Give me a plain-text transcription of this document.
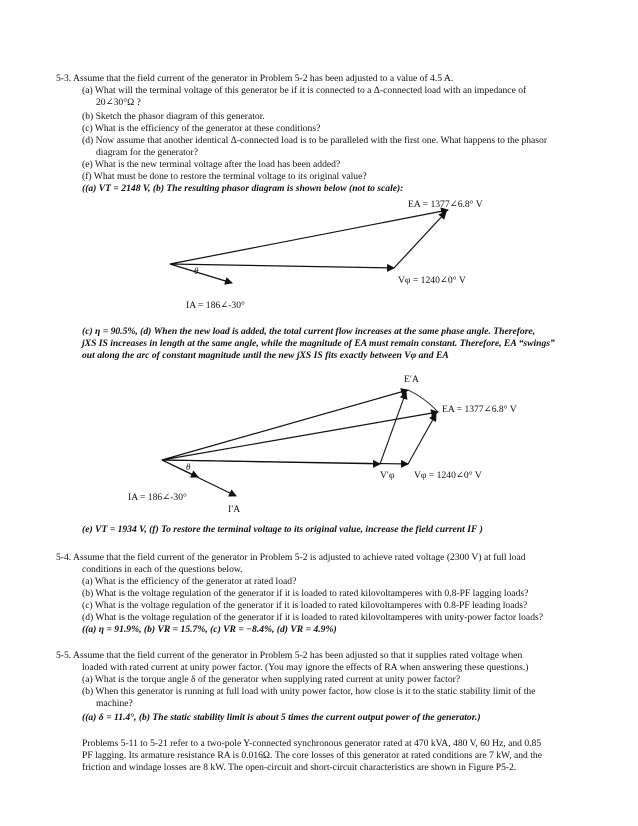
5-3. Assume that the field current of the generator in Problem 5-2 has been adjusted to a value of 4.5 A.
(a) What will the terminal voltage of this generator be if it is connected to a Δ-connected load with an impedance of
20∠30°Ω ?
(b) Sketch the phasor diagram of this generator.
(c) What is the efficiency of the generator at these conditions?
(d) Now assume that another identical Δ-connected load is to be paralleled with the first one. What happens to the phasor
diagram for the generator?
(e) What is the new terminal voltage after the load has been added?
(f) What must be done to restore the terminal voltage to its original value?
((a) VT = 2148 V, (b) The resulting phasor diagram is shown below (not to scale):
θ
EA = 1377∠6.8° V
Vφ = 1240∠0° V
IA = 186∠-30°
(c) η = 90.5%, (d) When the new load is added, the total current flow increases at the same phase angle. Therefore,
jXS IS increases in length at the same angle, while the magnitude of EA must remain constant. Therefore, EA “swings”
out along the arc of constant magnitude until the new jXS IS fits exactly between Vφ and EA
θ
E′A
EA = 1377∠6.8° V
V′φ Vφ = 1240∠0° V
IA = 186∠-30°
I′A
(e) VT = 1934 V, (f) To restore the terminal voltage to its original value, increase the field current IF )
5-4. Assume that the field current of the generator in Problem 5-2 is adjusted to achieve rated voltage (2300 V) at full load
conditions in each of the questions below.
(a) What is the efficiency of the generator at rated load?
(b) What is the voltage regulation of the generator if it is loaded to rated kilovoltamperes with 0.8-PF lagging loads?
(c) What is the voltage regulation of the generator if it is loaded to rated kilovoltamperes with 0.8-PF leading loads?
(d) What is the voltage regulation of the generator if it is loaded to rated kilovoltamperes with unity-power factor loads?
((a) η = 91.9%, (b) VR = 15.7%, (c) VR = −8.4%, (d) VR = 4.9%)
5-5. Assume that the field current of the generator in Problem 5-2 has been adjusted so that it supplies rated voltage when
loaded with rated current at unity power factor. (You may ignore the effects of RA when answering these questions.)
(a) What is the torque angle δ of the generator when supplying rated current at unity power factor?
(b) When this generator is running at full load with unity power factor, how close is it to the static stability limit of the
machine?
((a) δ = 11.4°, (b) The static stability limit is about 5 times the current output power of the generator.)
Problems 5-11 to 5-21 refer to a two-pole Y-connected synchronous generator rated at 470 kVA, 480 V, 60 Hz, and 0.85
PF lagging. Its armature resistance RA is 0.016Ω. The core losses of this generator at rated conditions are 7 kW, and the
friction and windage losses are 8 kW. The open-circuit and short-circuit characteristics are shown in Figure P5-2.
